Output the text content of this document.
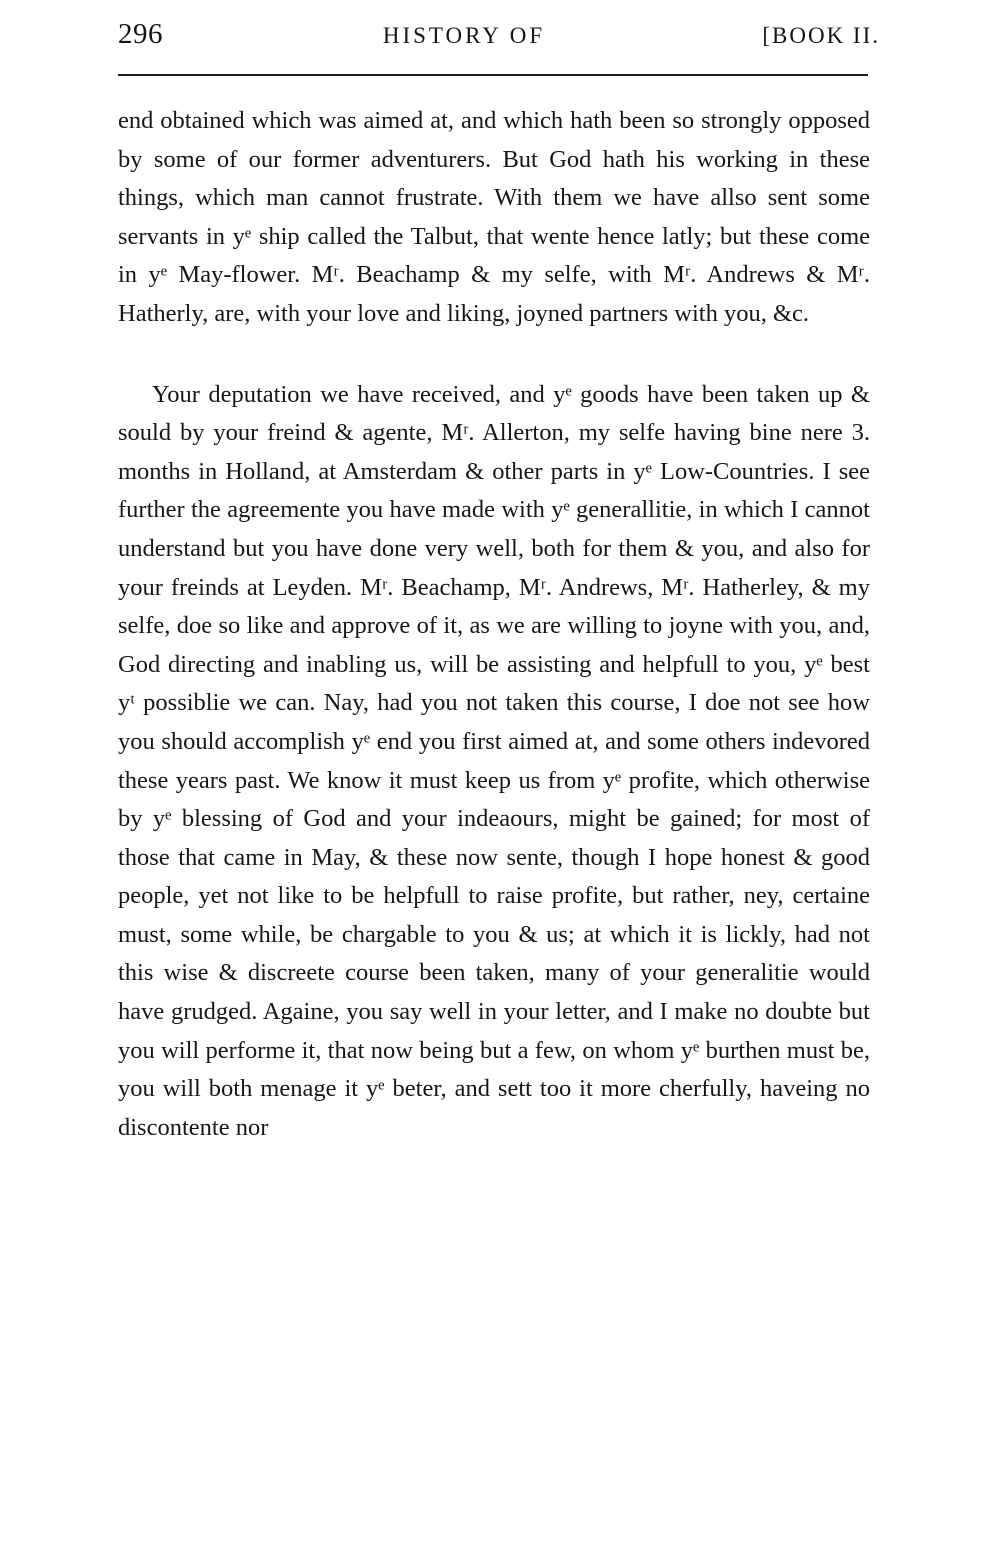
296	HISTORY OF	[BOOK II.

end obtained which was aimed at, and which hath been so strongly opposed by some of our former adventurers. But God hath his working in these things, which man cannot frustrate. With them we have allso sent some servants in yᵉ ship called the Talbut, that wente hence latly; but these come in yᵉ May-flower. Mʳ. Beachamp & my selfe, with Mʳ. Andrews & Mʳ. Hatherly, are, with your love and liking, joyned partners with you, &c.

Your deputation we have received, and yᵉ goods have been taken up & sould by your freind & agente, Mʳ. Allerton, my selfe having bine nere 3. months in Holland, at Amsterdam & other parts in yᵉ Low-Countries. I see further the agreemente you have made with yᵉ generallitie, in which I cannot understand but you have done very well, both for them & you, and also for your freinds at Leyden. Mʳ. Beachamp, Mʳ. Andrews, Mʳ. Hatherley, & my selfe, doe so like and approve of it, as we are willing to joyne with you, and, God directing and inabling us, will be assisting and helpfull to you, yᵉ best yᵗ possiblie we can. Nay, had you not taken this course, I doe not see how you should accomplish yᵉ end you first aimed at, and some others indevored these years past. We know it must keep us from yᵉ profite, which otherwise by yᵉ blessing of God and your indeaours, might be gained; for most of those that came in May, & these now sente, though I hope honest & good people, yet not like to be helpfull to raise profite, but rather, ney, certaine must, some while, be chargable to you & us; at which it is lickly, had not this wise & discreete course been taken, many of your generalitie would have grudged. Againe, you say well in your letter, and I make no doubte but you will performe it, that now being but a few, on whom yᵉ burthen must be, you will both menage it yᵉ beter, and sett too it more cherfully, haveing no discontente nor
